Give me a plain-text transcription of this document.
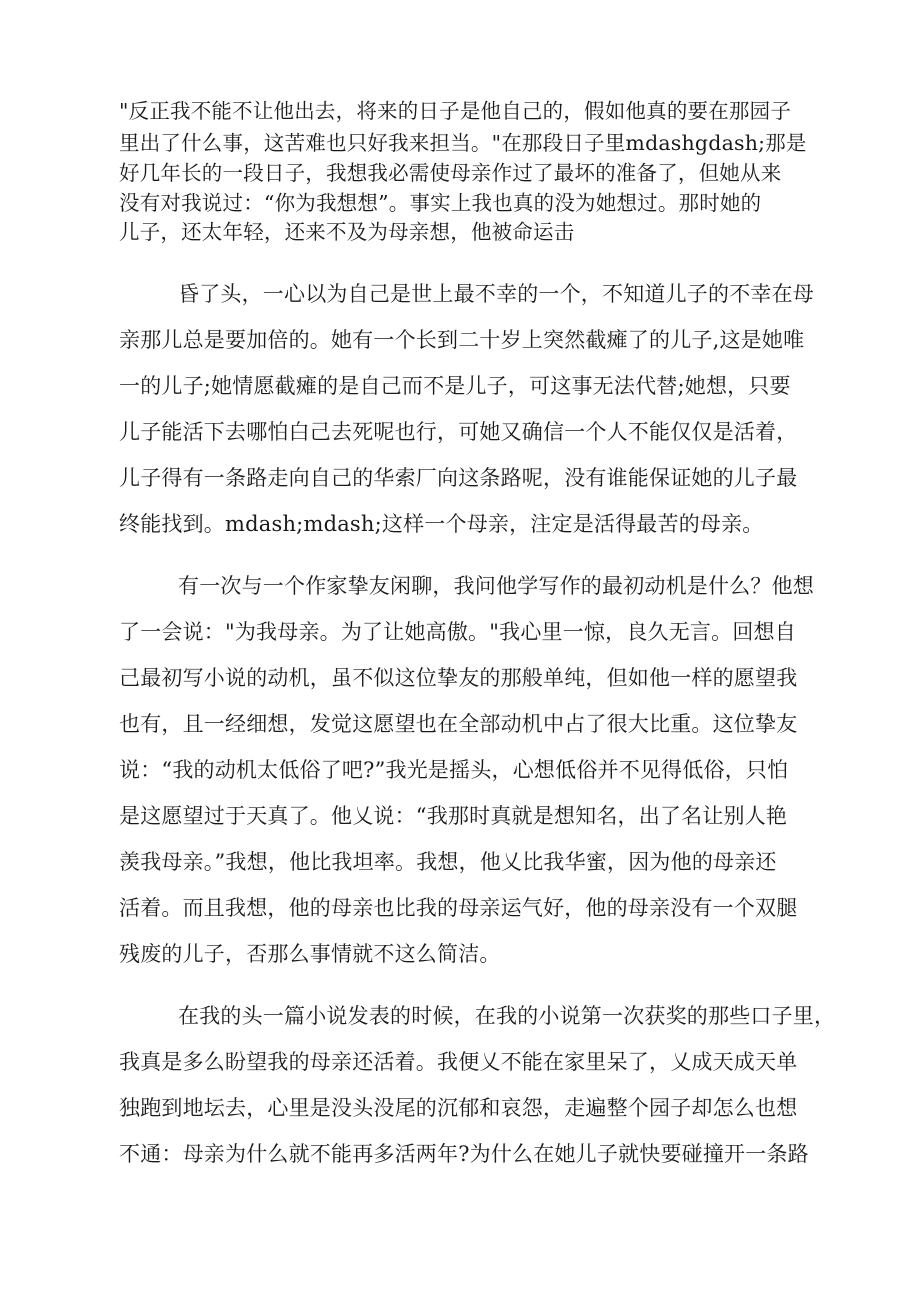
"反正我不能不让他出去，将来的日子是他自己的，假如他真的要在那园子
里出了什么事，这苦难也只好我来担当。"在那段日子里mdashgdash;那是
好几年长的一段日子，我想我必需使母亲作过了最坏的准备了，但她从来
没有对我说过：“你为我想想”。事实上我也真的没为她想过。那时她的
儿子，还太年轻，还来不及为母亲想，他被命运击
昏了头，一心以为自己是世上最不幸的一个，不知道儿子的不幸在母
亲那儿总是要加倍的。她有一个长到二十岁上突然截瘫了的儿子,这是她唯
一的儿子;她情愿截瘫的是自己而不是儿子，可这事无法代替;她想，只要
儿子能活下去哪怕白己去死呢也行，可她又确信一个人不能仅仅是活着，
儿子得有一条路走向自己的华索厂向这条路呢，没有谁能保证她的儿子最
终能找到。mdash;mdash;这样一个母亲，注定是活得最苦的母亲。
有一次与一个作家挚友闲聊，我问他学写作的最初动机是什么？他想
了一会说："为我母亲。为了让她高傲。"我心里一惊，良久无言。回想自
己最初写小说的动机，虽不似这位挚友的那般单纯，但如他一样的愿望我
也有，且一经细想，发觉这愿望也在全部动机中占了很大比重。这位挚友
说：“我的动机太低俗了吧?”我光是摇头，心想低俗并不见得低俗，只怕
是这愿望过于天真了。他乂说：“我那时真就是想知名，出了名让别人艳
羡我母亲。”我想，他比我坦率。我想，他乂比我华蜜，因为他的母亲还
活着。而且我想，他的母亲也比我的母亲运气好，他的母亲没有一个双腿
残废的儿子，否那么事情就不这么简洁。
在我的头一篇小说发表的时候，在我的小说第一次获奖的那些口子里，
我真是多么盼望我的母亲还活着。我便乂不能在家里呆了，乂成天成天单
独跑到地坛去，心里是没头没尾的沉郁和哀怨，走遍整个园子却怎么也想
不通：母亲为什么就不能再多活两年?为什么在她儿子就快要碰撞开一条路
